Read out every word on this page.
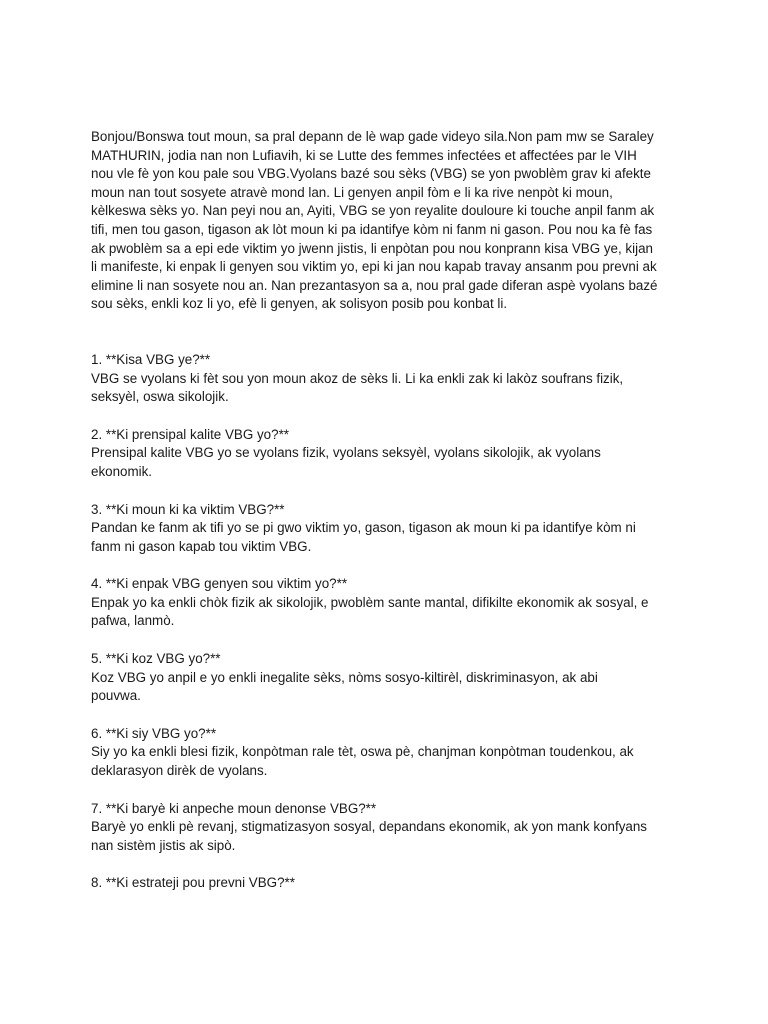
Bonjou/Bonswa tout moun, sa pral depann de lè wap gade videyo sila.Non pam mw se Saraley
MATHURIN, jodia nan non Lufiavih, ki se Lutte des femmes infectées et affectées par le VIH
nou vle fè yon kou pale sou VBG.Vyolans bazé sou sèks (VBG) se yon pwoblèm grav ki afekte
moun nan tout sosyete atravè mond lan. Li genyen anpil fòm e li ka rive nenpòt ki moun,
kèlkeswa sèks yo. Nan peyi nou an, Ayiti, VBG se yon reyalite douloure ki touche anpil fanm ak
tifi, men tou gason, tigason ak lòt moun ki pa idantifye kòm ni fanm ni gason. Pou nou ka fè fas
ak pwoblèm sa a epi ede viktim yo jwenn jistis, li enpòtan pou nou konprann kisa VBG ye, kijan
li manifeste, ki enpak li genyen sou viktim yo, epi ki jan nou kapab travay ansanm pou prevni ak
elimine li nan sosyete nou an. Nan prezantasyon sa a, nou pral gade diferan aspè vyolans bazé
sou sèks, enkli koz li yo, efè li genyen, ak solisyon posib pou konbat li.

1. **Kisa VBG ye?**
VBG se vyolans ki fèt sou yon moun akoz de sèks li. Li ka enkli zak ki lakòz soufrans fizik,
seksyèl, oswa sikolojik.
2. **Ki prensipal kalite VBG yo?**
Prensipal kalite VBG yo se vyolans fizik, vyolans seksyèl, vyolans sikolojik, ak vyolans
ekonomik.
3. **Ki moun ki ka viktim VBG?**
Pandan ke fanm ak tifi yo se pi gwo viktim yo, gason, tigason ak moun ki pa idantifye kòm ni
fanm ni gason kapab tou viktim VBG.
4. **Ki enpak VBG genyen sou viktim yo?**
Enpak yo ka enkli chòk fizik ak sikolojik, pwoblèm sante mantal, difikilte ekonomik ak sosyal, e
pafwa, lanmò.
5. **Ki koz VBG yo?**
Koz VBG yo anpil e yo enkli inegalite sèks, nòms sosyo-kiltirèl, diskriminasyon, ak abi
pouvwa.
6. **Ki siy VBG yo?**
Siy yo ka enkli blesi fizik, konpòtman rale tèt, oswa pè, chanjman konpòtman toudenkou, ak
deklarasyon dirèk de vyolans.
7. **Ki baryè ki anpeche moun denonse VBG?**
Baryè yo enkli pè revanj, stigmatizasyon sosyal, depandans ekonomik, ak yon mank konfyans
nan sistèm jistis ak sipò.
8. **Ki estrateji pou prevni VBG?**
